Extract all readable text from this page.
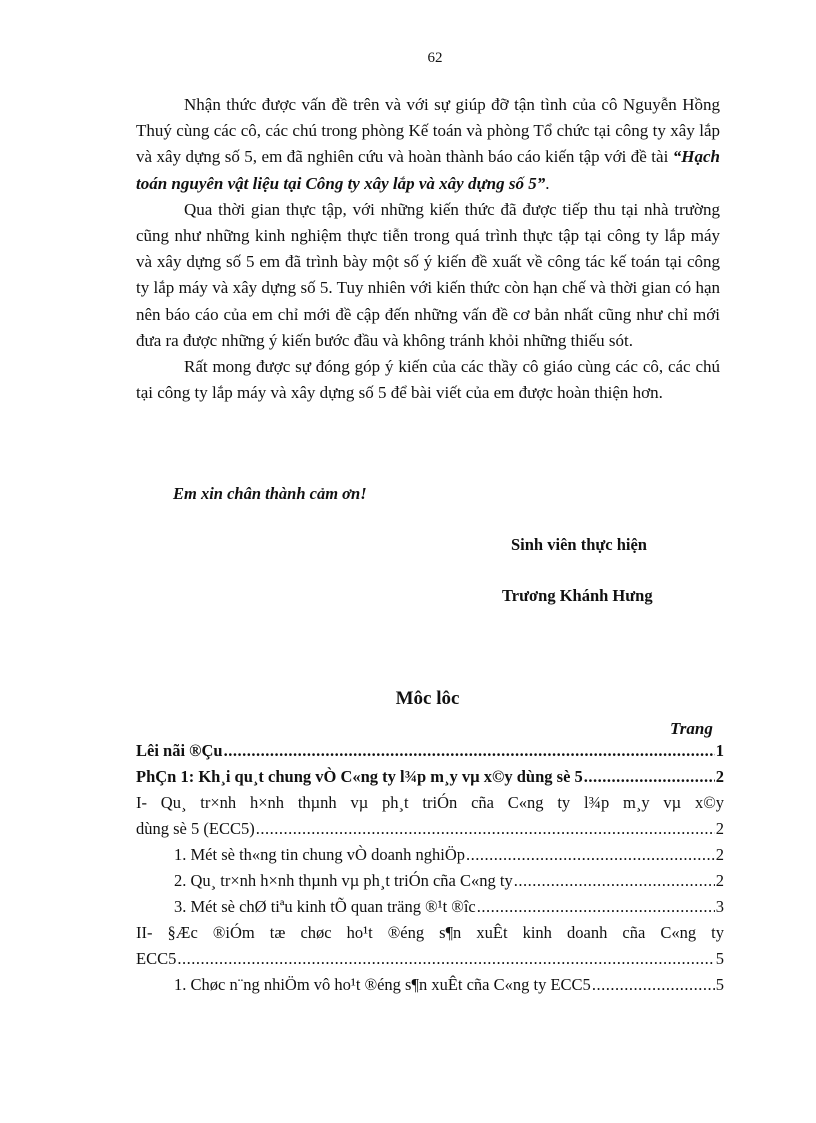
62

Nhận thức được vấn đề trên và với sự giúp đỡ tận tình của cô Nguyễn Hồng Thuý cùng các cô, các chú trong phòng Kế toán và phòng Tổ chức tại công ty xây lắp và xây dựng số 5, em đã nghiên cứu và hoàn thành báo cáo kiến tập với đề tài “Hạch toán nguyên vật liệu tại Công ty xây lắp và xây dựng số 5”.

Qua thời gian thực tập, với những kiến thức đã được tiếp thu tại nhà trường cũng như những kinh nghiệm thực tiễn trong quá trình thực tập tại công ty lắp máy và xây dựng số 5 em đã trình bày một số ý kiến đề xuất về công tác kế toán tại công ty lắp máy và xây dựng số 5. Tuy nhiên với kiến thức còn hạn chế và thời gian có hạn nên báo cáo của em chỉ mới đề cập đến những vấn đề cơ bản nhất cũng như chỉ mới đưa ra được những ý kiến bước đầu và không tránh khỏi những thiếu sót.

Rất mong được sự đóng góp ý kiến của các thầy cô giáo cùng các cô, các chú tại công ty lắp máy và xây dựng số 5 để bài viết của em được hoàn thiện hơn.

Em xin chân thành cảm ơn!
Sinh viên thực hiện
Trương Khánh Hưng
Môc lôc
Trang
Lêi nãi ®Çu .....	1
PhÇn 1: Kh¸i qu¸t chung vÒ C«ng ty l¾p m¸y vµ x©y dùng sè 5 .....	2
I- Qu¸ tr×nh h×nh thµnh vµ ph¸t triÓn cña C«ng ty l¾p m¸y vµ x©y
dùng sè 5 (ECC5) .....	2
1. Mét sè th«ng tin chung vÒ doanh nghiÖp .....	2
2. Qu¸ tr×nh h×nh thµnh vµ ph¸t triÓn cña C«ng ty .....	2
3. Mét sè chØ tiªu kinh tÕ quan träng ®¹t ®îc .....	3
II- §Æc ®iÓm tæ chøc ho¹t ®éng s¶n xuÊt kinh doanh cña C«ng ty
ECC5 .....	5
1. Chøc n¨ng nhiÖm vô ho¹t ®éng s¶n xuÊt cña C«ng ty ECC5 .....	5
